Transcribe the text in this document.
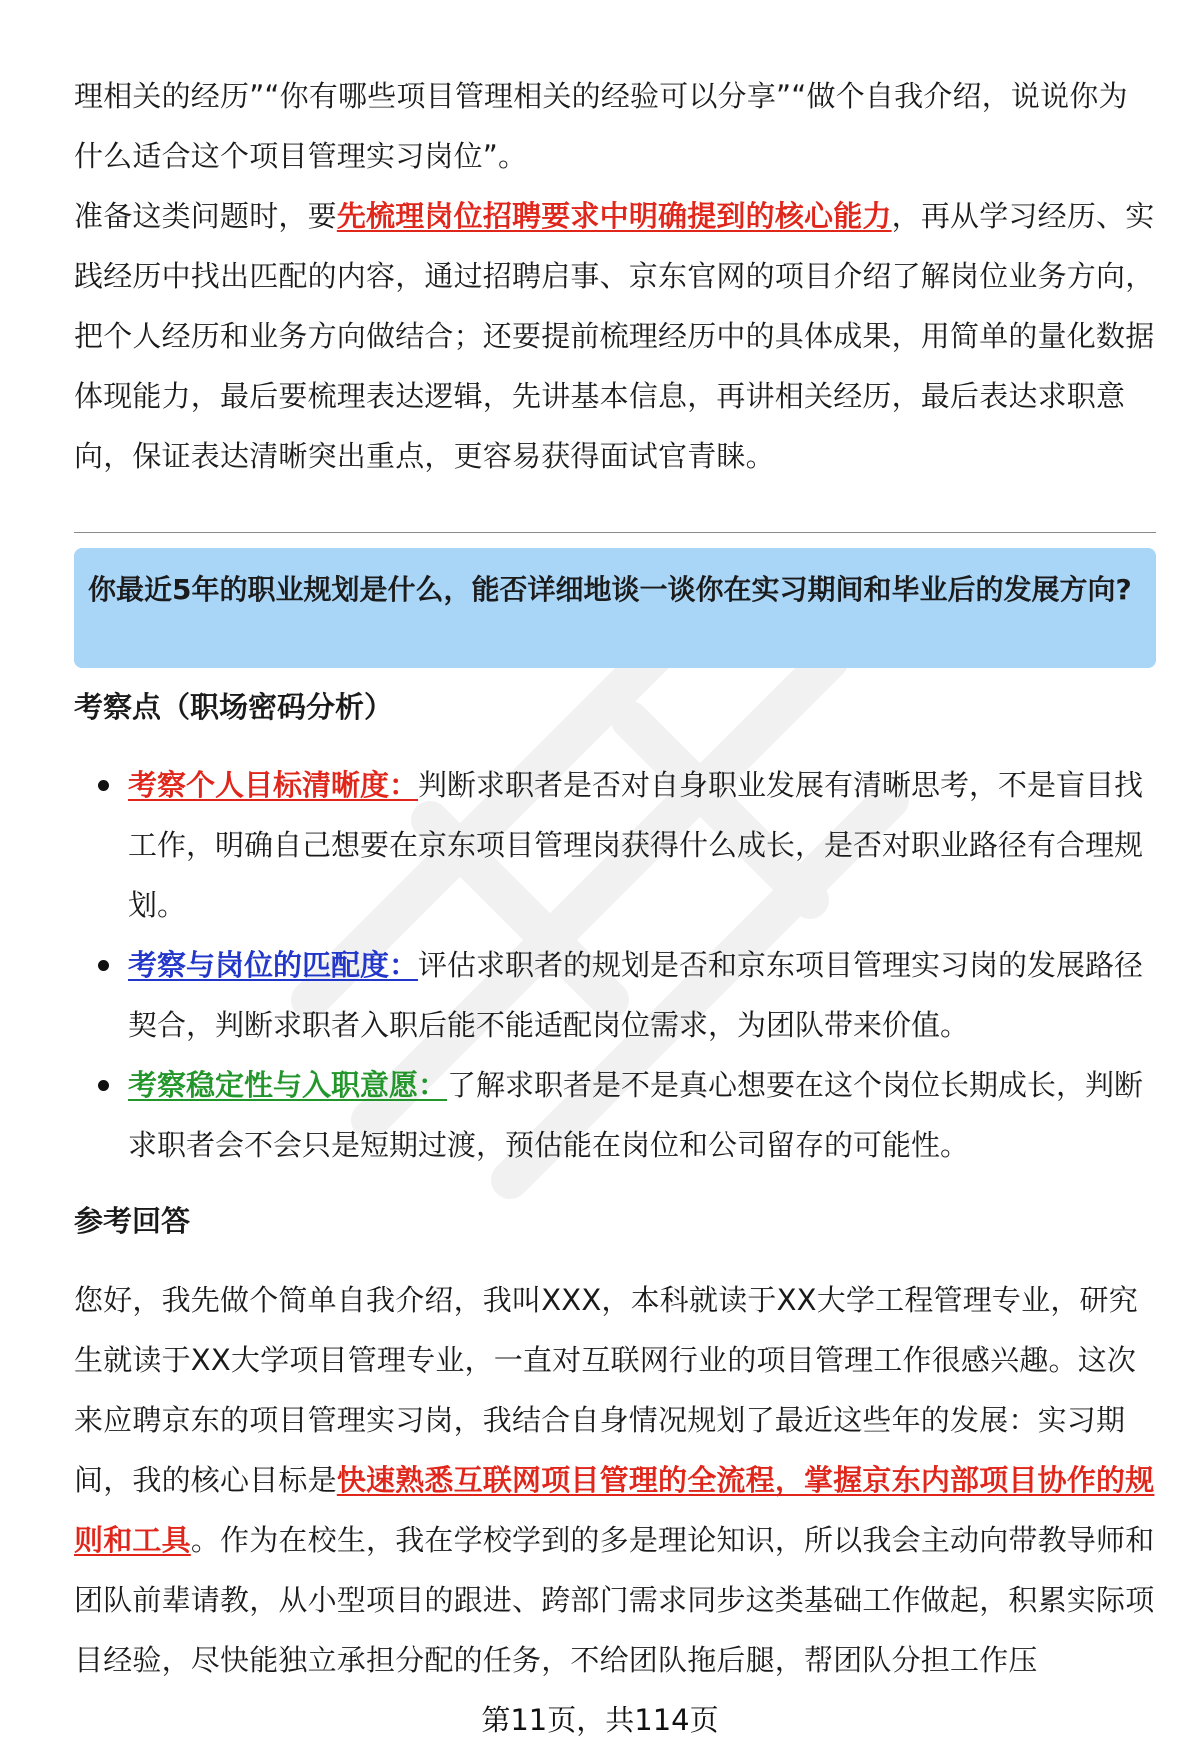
理相关的经历”“你有哪些项目管理相关的经验可以分享”“做个自我介绍，说说你为什么适合这个项目管理实习岗位”。

准备这类问题时，要先梳理岗位招聘要求中明确提到的核心能力，再从学习经历、实践经历中找出匹配的内容，通过招聘启事、京东官网的项目介绍了解岗位业务方向，把个人经历和业务方向做结合；还要提前梳理经历中的具体成果，用简单的量化数据体现能力，最后要梳理表达逻辑，先讲基本信息，再讲相关经历，最后表达求职意向，保证表达清晰突出重点，更容易获得面试官青睐。

你最近5年的职业规划是什么，能否详细地谈一谈你在实习期间和毕业后的发展方向?

考察点（职场密码分析）

考察个人目标清晰度：判断求职者是否对自身职业发展有清晰思考，不是盲目找工作，明确自己想要在京东项目管理岗获得什么成长，是否对职业路径有合理规划。
考察与岗位的匹配度：评估求职者的规划是否和京东项目管理实习岗的发展路径契合，判断求职者入职后能不能适配岗位需求，为团队带来价值。
考察稳定性与入职意愿：了解求职者是不是真心想要在这个岗位长期成长，判断求职者会不会只是短期过渡，预估能在岗位和公司留存的可能性。

参考回答

您好，我先做个简单自我介绍，我叫XXX，本科就读于XX大学工程管理专业，研究生就读于XX大学项目管理专业，一直对互联网行业的项目管理工作很感兴趣。这次来应聘京东的项目管理实习岗，我结合自身情况规划了最近这些年的发展：实习期间，我的核心目标是快速熟悉互联网项目管理的全流程，掌握京东内部项目协作的规则和工具。作为在校生，我在学校学到的多是理论知识，所以我会主动向带教导师和团队前辈请教，从小型项目的跟进、跨部门需求同步这类基础工作做起，积累实际项目经验，尽快能独立承担分配的任务，不给团队拖后腿，帮团队分担工作压

第11页，共114页
